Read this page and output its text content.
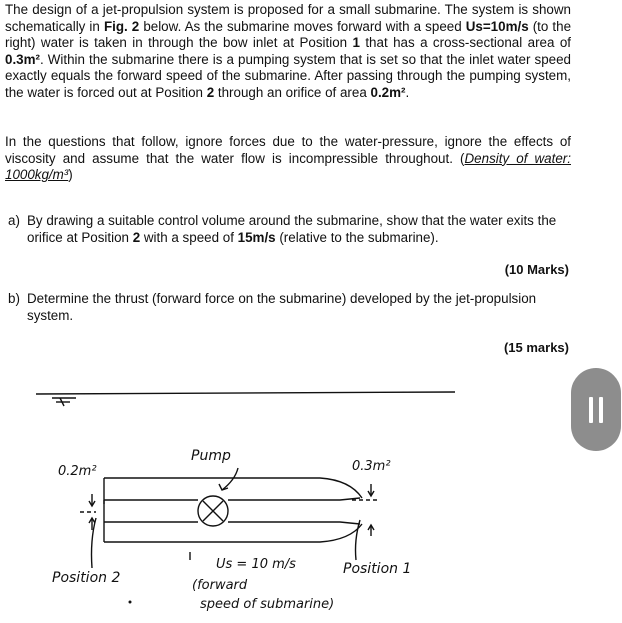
The design of a jet-propulsion system is proposed for a small submarine. The system is shown schematically in Fig. 2 below. As the submarine moves forward with a speed Us=10m/s (to the right) water is taken in through the bow inlet at Position 1 that has a cross-sectional area of 0.3m². Within the submarine there is a pumping system that is set so that the inlet water speed exactly equals the forward speed of the submarine. After passing through the pumping system, the water is forced out at Position 2 through an orifice of area 0.2m².

In the questions that follow, ignore forces due to the water-pressure, ignore the effects of viscosity and assume that the water flow is incompressible throughout. (Density of water: 1000kg/m³)

a) By drawing a suitable control volume around the submarine, show that the water exits the orifice at Position 2 with a speed of 15m/s (relative to the submarine).
(10 Marks)
b) Determine the thrust (forward force on the submarine) developed by the jet-propulsion system.
(15 marks)
Pump
0.2m²	0.3m²
Position 2
Position 1
Us = 10 m/s
(forward
speed of submarine)
